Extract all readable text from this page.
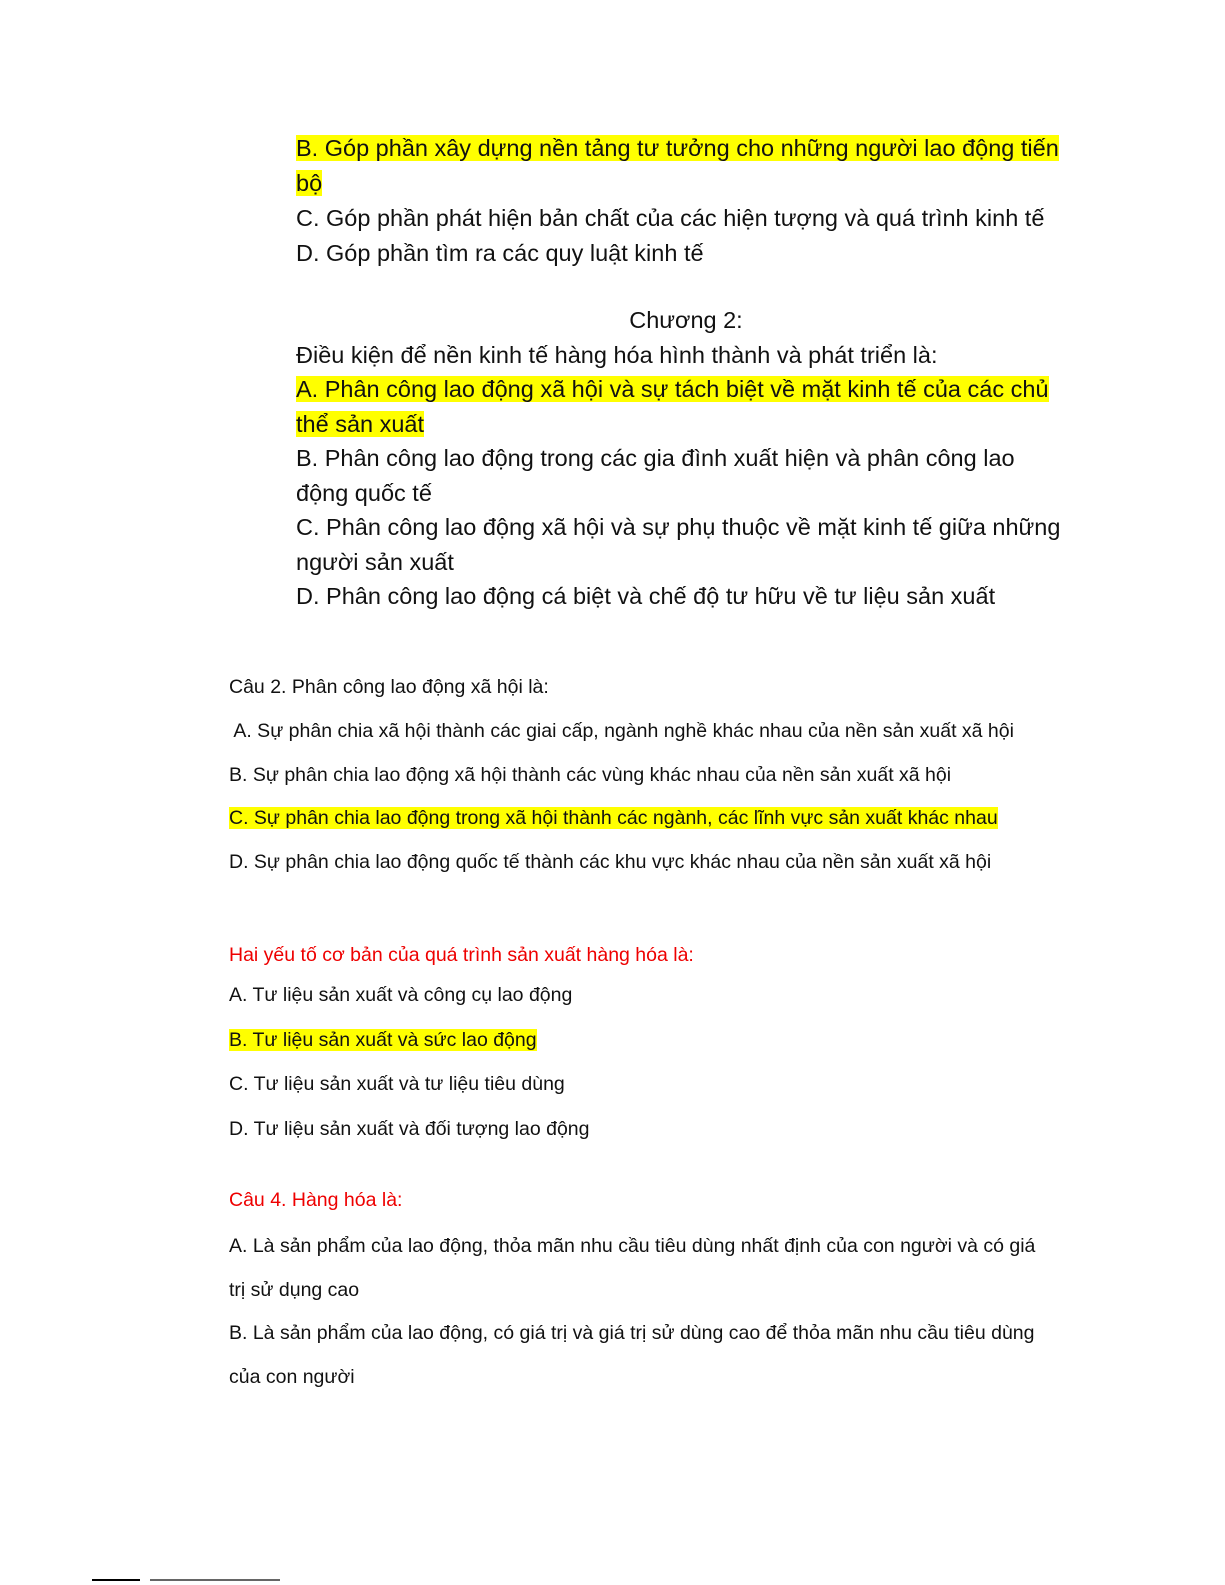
B. Góp phần xây dựng nền tảng tư tưởng cho những người lao động tiến
bộ
C. Góp phần phát hiện bản chất của các hiện tượng và quá trình kinh tế
D. Góp phần tìm ra các quy luật kinh tế
Chương 2:
Điều kiện để nền kinh tế hàng hóa hình thành và phát triển là:
A. Phân công lao động xã hội và sự tách biệt về mặt kinh tế của các chủ
thể sản xuất
B. Phân công lao động trong các gia đình xuất hiện và phân công lao
động quốc tế
C. Phân công lao động xã hội và sự phụ thuộc về mặt kinh tế giữa những
người sản xuất
D. Phân công lao động cá biệt và chế độ tư hữu về tư liệu sản xuất
Câu 2. Phân công lao động xã hội là:
A. Sự phân chia xã hội thành các giai cấp, ngành nghề khác nhau của nền sản xuất xã hội
B. Sự phân chia lao động xã hội thành các vùng khác nhau của nền sản xuất xã hội
C. Sự phân chia lao động trong xã hội thành các ngành, các lĩnh vực sản xuất khác nhau
D. Sự phân chia lao động quốc tế thành các khu vực khác nhau của nền sản xuất xã hội
Hai yếu tố cơ bản của quá trình sản xuất hàng hóa là:
A. Tư liệu sản xuất và công cụ lao động
B. Tư liệu sản xuất và sức lao động
C. Tư liệu sản xuất và tư liệu tiêu dùng
D. Tư liệu sản xuất và đối tượng lao động
Câu 4. Hàng hóa là:
A. Là sản phẩm của lao động, thỏa mãn nhu cầu tiêu dùng nhất định của con người và có giá
trị sử dụng cao
B. Là sản phẩm của lao động, có giá trị và giá trị sử dùng cao để thỏa mãn nhu cầu tiêu dùng
của con người
